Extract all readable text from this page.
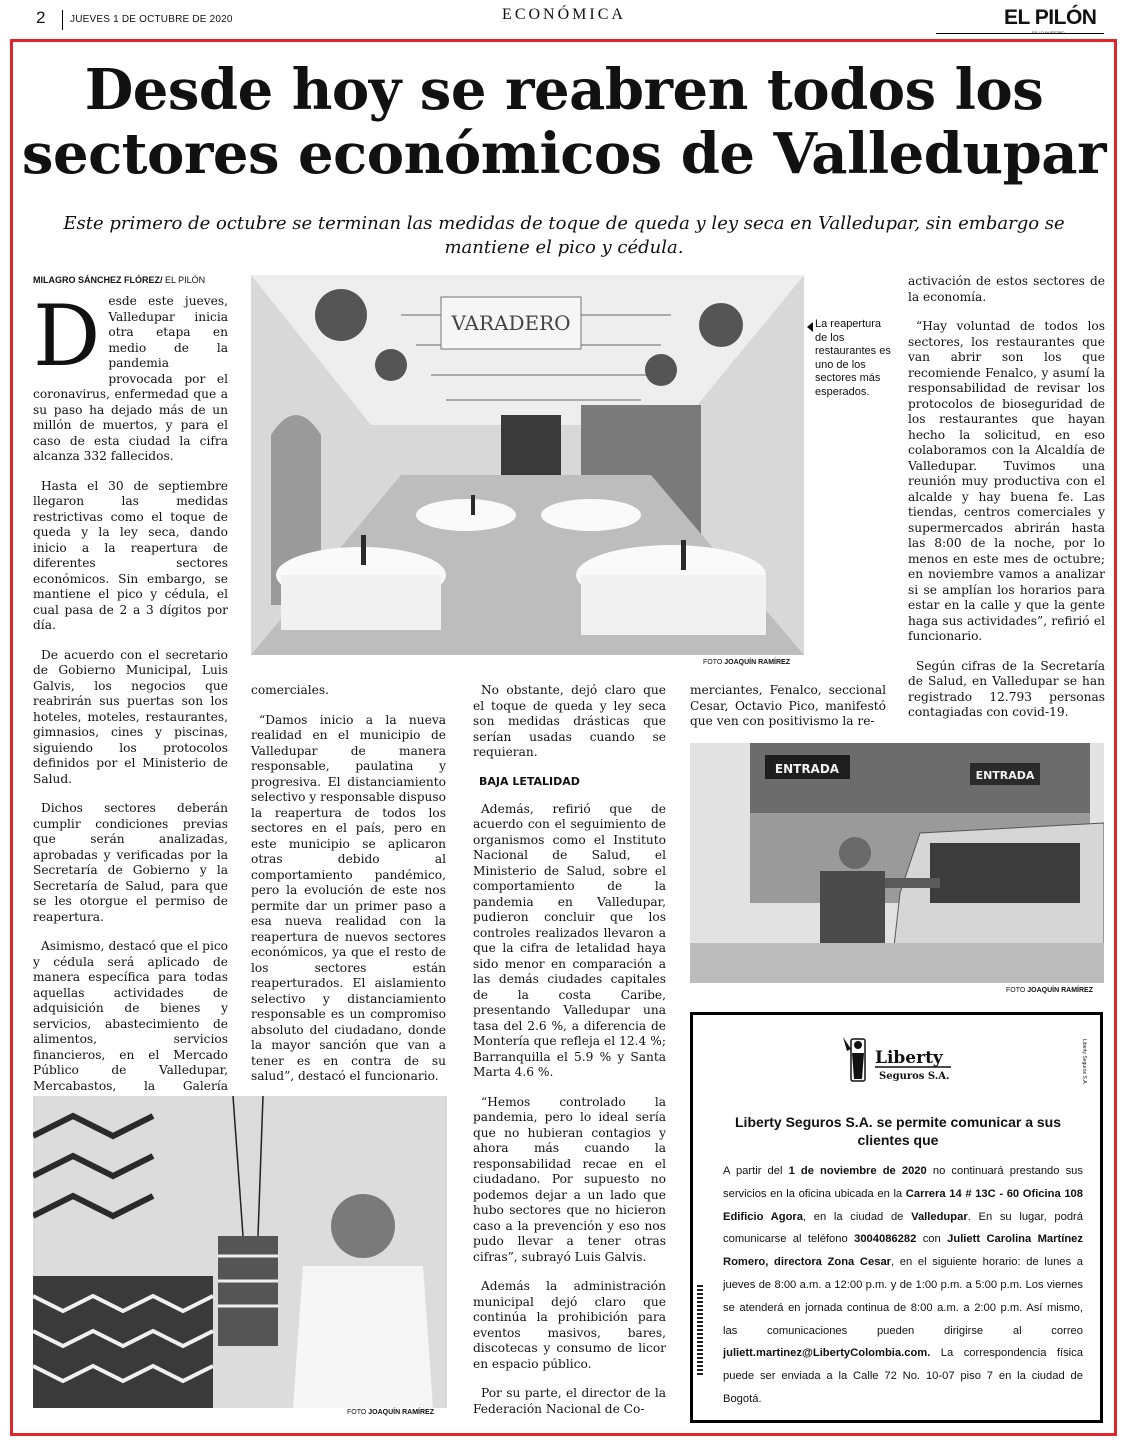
2 JUEVES 1 DE OCTUBRE DE 2020	ECONÓMICA	EL PILÓN
ES LO NUESTRO
Desde hoy se reabren todos los
sectores económicos de Valledupar
Este primero de octubre se terminan las medidas de toque de queda y ley seca en Valledupar, sin embargo se mantiene el pico y cédula.
MILAGRO SÁNCHEZ FLÓREZ/ EL PILÓN

Desde este jueves, Valledupar inicia otra etapa en medio de la pandemia provocada por el coronavirus, enfermedad que a su paso ha dejado más de un millón de muertos, y para el caso de esta ciudad la cifra alcanza 332 fallecidos.

Hasta el 30 de septiembre llegaron las medidas restrictivas como el toque de queda y la ley seca, dando inicio a la reapertura de diferentes sectores económicos. Sin embargo, se mantiene el pico y cédula, el cual pasa de 2 a 3 dígitos por día.

De acuerdo con el secretario de Gobierno Municipal, Luis Galvis, los negocios que reabrirán sus puertas son los hoteles, moteles, restaurantes, gimnasios, cines y piscinas, siguiendo los protocolos definidos por el Ministerio de Salud.

Dichos sectores deberán cumplir condiciones previas que serán analizadas, aprobadas y verificadas por la Secretaría de Gobierno y la Secretaría de Salud, para que se les otorgue el permiso de reapertura.

Asimismo, destacó que el pico y cédula será aplicado de manera específica para todas aquellas actividades de adquisición de bienes y servicios, abastecimiento de alimentos, servicios financieros, en el Mercado Público de Valledupar, Mercabastos, la Galería

VARADERO	La reapertura de los restaurantes es uno de los sectores más esperados.
FOTO JOAQUÍN RAMÍREZ

comerciales.

“Damos inicio a la nueva realidad en el municipio de Valledupar de manera responsable, paulatina y progresiva. El distanciamiento selectivo y responsable dispuso la reapertura de todos los sectores en el país, pero en este municipio se aplicaron otras debido al comportamiento pandémico, pero la evolución de este nos permite dar un primer paso a esa nueva realidad con la reapertura de nuevos sectores económicos, ya que el resto de los sectores están reaperturados. El aislamiento selectivo y distanciamiento responsable es un compromiso absoluto del ciudadano, donde la mayor sanción que van a tener es en contra de su salud”, destacó el funcionario.

No obstante, dejó claro que el toque de queda y ley seca son medidas drásticas que serían usadas cuando se requieran.

BAJA LETALIDAD

Además, refirió que de acuerdo con el seguimiento de organismos como el Instituto Nacional de Salud, el Ministerio de Salud, sobre el comportamiento de la pandemia en Valledupar, pudieron concluir que los controles realizados llevaron a que la cifra de letalidad haya sido menor en comparación a las demás ciudades capitales de la costa Caribe, presentando Valledupar una tasa del 2.6 %, a diferencia de Montería que refleja el 12.4 %; Barranquilla el 5.9 % y Santa Marta 4.6 %.

“Hemos controlado la pandemia, pero lo ideal sería que no hubieran contagios y ahora más cuando la responsabilidad recae en el ciudadano. Por supuesto no podemos dejar a un lado que hubo sectores que no hicieron caso a la prevención y eso nos pudo llevar a tener otras cifras”, subrayó Luis Galvis.

Además la administración municipal dejó claro que continúa la prohibición para eventos masivos, bares, discotecas y consumo de licor en espacio público.

Por su parte, el director de la Federación Nacional de Co-

merciantes, Fenalco, seccional Cesar, Octavio Pico, manifestó que ven con positivismo la re-

activación de estos sectores de la economía.

“Hay voluntad de todos los sectores, los restaurantes que van abrir son los que recomiende Fenalco, y asumí la responsabilidad de revisar los protocolos de bioseguridad de los restaurantes que hayan hecho la solicitud, en eso colaboramos con la Alcaldía de Valledupar. Tuvimos una reunión muy productiva con el alcalde y hay buena fe. Las tiendas, centros comerciales y supermercados abrirán hasta las 8:00 de la noche, por lo menos en este mes de octubre; en noviembre vamos a analizar si se amplían los horarios para estar en la calle y que la gente haga sus actividades”, refirió el funcionario.

Según cifras de la Secretaría de Salud, en Valledupar se han registrado 12.793 personas contagiadas con covid-19.

ENTRADA	ENTRADA
FOTO JOAQUÍN RAMÍREZ
FOTO JOAQUÍN RAMÍREZ
Liberty
Seguros S.A.	Liberty Seguros S.A.
Liberty Seguros S.A. se permite comunicar a sus clientes que
A partir del 1 de noviembre de 2020 no continuará prestando sus servicios en la oficina ubicada en la Carrera 14 # 13C - 60 Oficina 108 Edificio Agora, en la ciudad de Valledupar. En su lugar, podrá comunicarse al teléfono 3004086282 con Juliett Carolina Martínez Romero, directora Zona Cesar, en el siguiente horario: de lunes a jueves de 8:00 a.m. a 12:00 p.m. y de 1:00 p.m. a 5:00 p.m. Los viernes se atenderá en jornada continua de 8:00 a.m. a 2:00 p.m. Así mismo, las comunicaciones pueden dirigirse al correo juliett.martinez@LibertyColombia.com. La correspondencia física puede ser enviada a la Calle 72 No. 10-07 piso 7 en la ciudad de Bogotá.
